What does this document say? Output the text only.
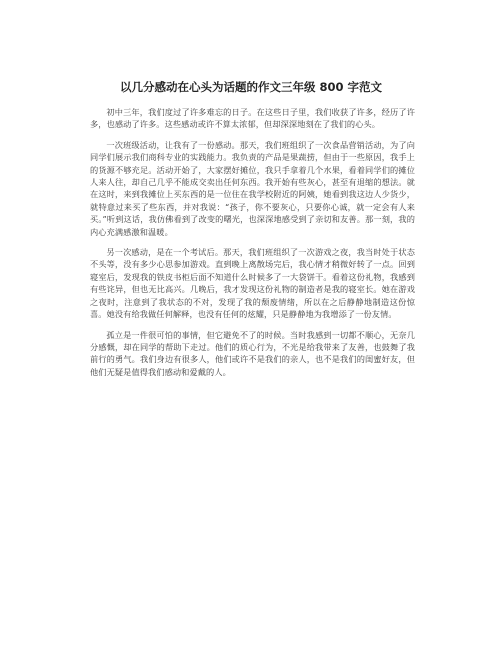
以几分感动在心头为话题的作文三年级 800 字范文

初中三年，我们度过了许多难忘的日子。在这些日子里，我们收获了许多，经历了许多，也感动了许多。这些感动或许不算太浓郁，但却深深地刻在了我们的心头。

一次班级活动，让我有了一份感动。那天，我们班组织了一次食品营销活动，为了向同学们展示我们商科专业的实践能力。我负责的产品是果蔬捞，但由于一些原因，我手上的货源不够充足。活动开始了，大家摆好摊位，我只手拿着几个水果，看着同学们的摊位人来人往，却自己几乎不能成交卖出任何东西。我开始有些灰心，甚至有退缩的想法。就在这时，来到我摊位上买东西的是一位住在我学校附近的阿姨，她看到我这边人少货少，就特意过来买了些东西，并对我说：“孩子，你不要灰心，只要你心诚，就一定会有人来买。”听到这话，我仿佛看到了改变的曙光，也深深地感受到了亲切和友善。那一刻，我的内心充满感激和温暖。

另一次感动，是在一个考试后。那天，我们班组织了一次游戏之夜，我当时处于状态不头等，没有多少心思参加游戏。直到晚上离散场完后，我心情才稍微好转了一点。回到寝室后，发现我的铁皮书柜后面不知道什么时候多了一大袋饼干。看着这份礼物，我感到有些诧异，但也无比高兴。几晚后，我才发现这份礼物的制造者是我的寝室长。她在游戏之夜时，注意到了我状态的不对，发现了我的颓废情绪，所以在之后静静地制造这份惊喜。她没有给我做任何解释，也没有任何的炫耀，只是静静地为我增添了一份友情。

孤立是一件很可怕的事情，但它避免不了的时候。当时我感到一切都不顺心，无奈几分感慨，却在同学的帮助下走过。他们的质心行为，不光是给我带来了友善，也鼓舞了我前行的勇气。我们身边有很多人，他们或许不是我们的亲人，也不是我们的闺蜜好友，但他们无疑是值得我们感动和爱戴的人。
